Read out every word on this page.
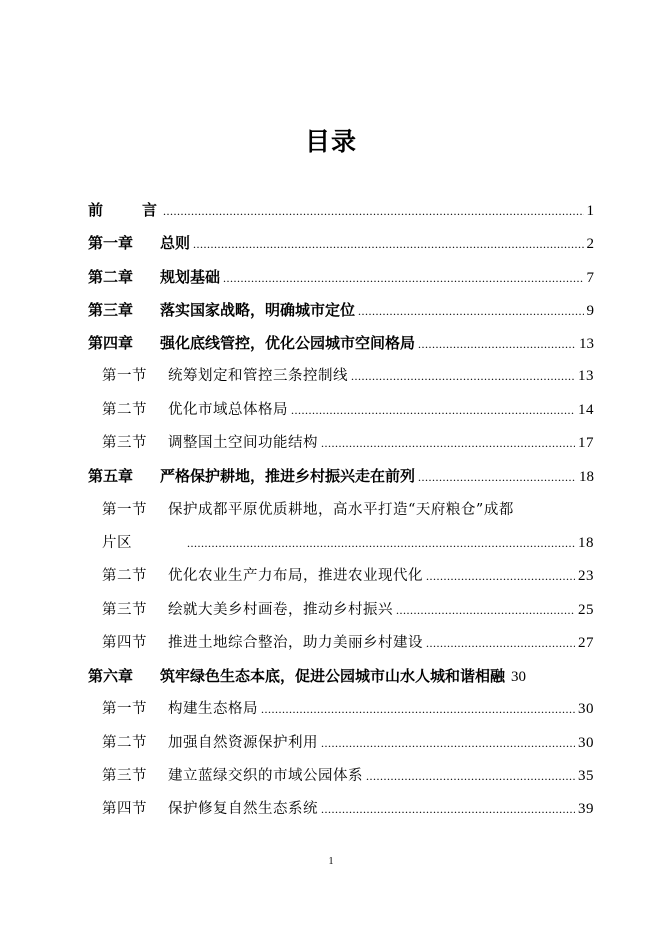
目录
前　言 .....	1
第一章	总则 .....	2
第二章	规划基础 .....	7
第三章	落实国家战略，明确城市定位 .....	9
第四章	强化底线管控，优化公园城市空间格局 .....	13
第一节	统筹划定和管控三条控制线 .....	13
第二节	优化市域总体格局 .....	14
第三节	调整国土空间功能结构 .....	17
第五章	严格保护耕地，推进乡村振兴走在前列 .....	18
第一节	保护成都平原优质耕地，高水平打造“天府粮仓”成都
片区 .....	18
第二节	优化农业生产力布局，推进农业现代化 .....	23
第三节	绘就大美乡村画卷，推动乡村振兴 .....	25
第四节	推进土地综合整治，助力美丽乡村建设 .....	27
第六章	筑牢绿色生态本底，促进公园城市山水人城和谐相融 30
第一节	构建生态格局 .....	30
第二节	加强自然资源保护利用 .....	30
第三节	建立蓝绿交织的市域公园体系 .....	35
第四节	保护修复自然生态系统 .....	39
1
